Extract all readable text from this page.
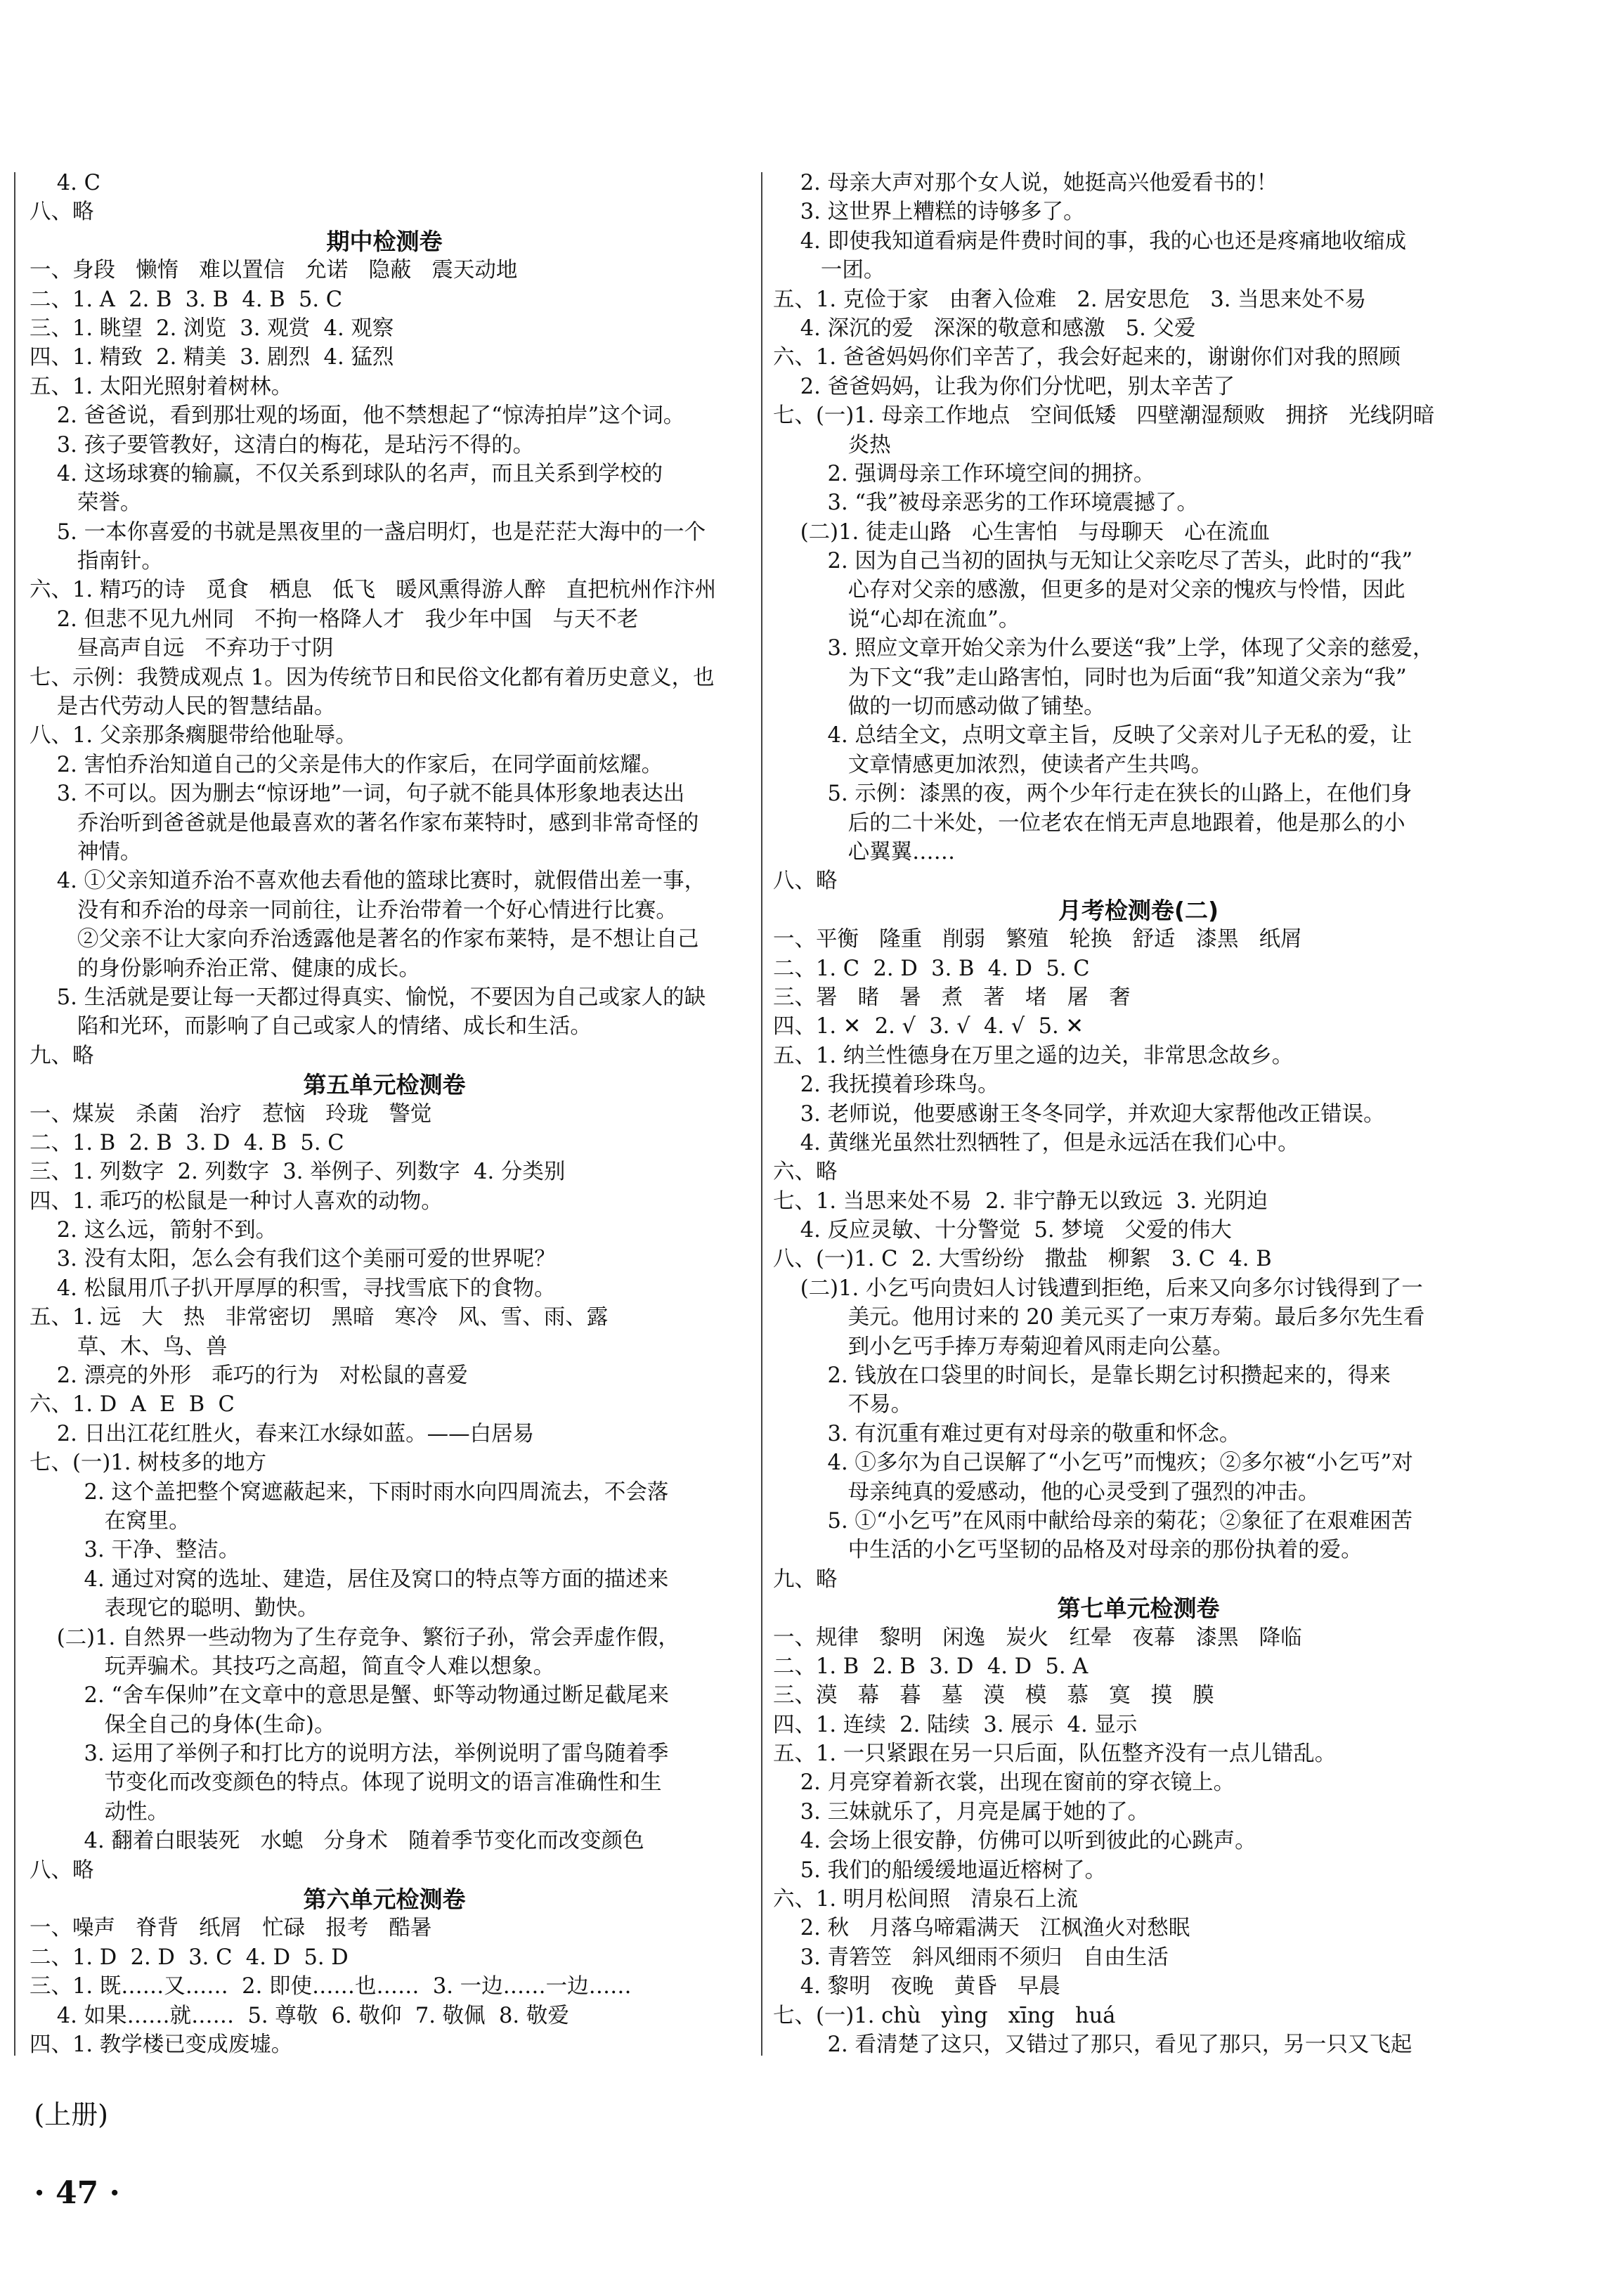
4. C
八、略
期中检测卷
一、身段   懒惰   难以置信   允诺   隐蔽   震天动地
二、1. A  2. B  3. B  4. B  5. C
三、1. 眺望  2. 浏览  3. 观赏  4. 观察
四、1. 精致  2. 精美  3. 剧烈  4. 猛烈
五、1. 太阳光照射着树林。
2. 爸爸说，看到那壮观的场面，他不禁想起了“惊涛拍岸”这个词。
3. 孩子要管教好，这清白的梅花，是玷污不得的。
4. 这场球赛的输赢，不仅关系到球队的名声，而且关系到学校的
荣誉。
5. 一本你喜爱的书就是黑夜里的一盏启明灯，也是茫茫大海中的一个
指南针。
六、1. 精巧的诗   觅食   栖息   低飞   暖风熏得游人醉   直把杭州作汴州
2. 但悲不见九州同   不拘一格降人才   我少年中国   与天不老
昼高声自远   不弃功于寸阴
七、示例：我赞成观点 1。因为传统节日和民俗文化都有着历史意义，也
是古代劳动人民的智慧结晶。
八、1. 父亲那条瘸腿带给他耻辱。
2. 害怕乔治知道自己的父亲是伟大的作家后，在同学面前炫耀。
3. 不可以。因为删去“惊讶地”一词，句子就不能具体形象地表达出
乔治听到爸爸就是他最喜欢的著名作家布莱特时，感到非常奇怪的
神情。
4. ①父亲知道乔治不喜欢他去看他的篮球比赛时，就假借出差一事，
没有和乔治的母亲一同前往，让乔治带着一个好心情进行比赛。
②父亲不让大家向乔治透露他是著名的作家布莱特，是不想让自己
的身份影响乔治正常、健康的成长。
5. 生活就是要让每一天都过得真实、愉悦，不要因为自己或家人的缺
陷和光环，而影响了自己或家人的情绪、成长和生活。
九、略
第五单元检测卷
一、煤炭   杀菌   治疗   惹恼   玲珑   警觉
二、1. B  2. B  3. D  4. B  5. C
三、1. 列数字  2. 列数字  3. 举例子、列数字  4. 分类别
四、1. 乖巧的松鼠是一种讨人喜欢的动物。
2. 这么远，箭射不到。
3. 没有太阳，怎么会有我们这个美丽可爱的世界呢？
4. 松鼠用爪子扒开厚厚的积雪，寻找雪底下的食物。
五、1. 远   大   热   非常密切   黑暗   寒冷   风、雪、雨、露
草、木、鸟、兽
2. 漂亮的外形   乖巧的行为   对松鼠的喜爱
六、1. D  A  E  B  C
2. 日出江花红胜火，春来江水绿如蓝。——白居易
七、(一)1. 树枝多的地方
2. 这个盖把整个窝遮蔽起来，下雨时雨水向四周流去，不会落
在窝里。
3. 干净、整洁。
4. 通过对窝的选址、建造，居住及窝口的特点等方面的描述来
表现它的聪明、勤快。
(二)1. 自然界一些动物为了生存竞争、繁衍子孙，常会弄虚作假，
玩弄骗术。其技巧之高超，简直令人难以想象。
2. “舍车保帅”在文章中的意思是蟹、虾等动物通过断足截尾来
保全自己的身体(生命)。
3. 运用了举例子和打比方的说明方法，举例说明了雷鸟随着季
节变化而改变颜色的特点。体现了说明文的语言准确性和生
动性。
4. 翻着白眼装死   水螅   分身术   随着季节变化而改变颜色
八、略
第六单元检测卷
一、噪声   脊背   纸屑   忙碌   报考   酷暑
二、1. D  2. D  3. C  4. D  5. D
三、1. 既……又……  2. 即使……也……  3. 一边……一边……
4. 如果……就……  5. 尊敬  6. 敬仰  7. 敬佩  8. 敬爱
四、1. 教学楼已变成废墟。
2. 母亲大声对那个女人说，她挺高兴他爱看书的！
3. 这世界上糟糕的诗够多了。
4. 即使我知道看病是件费时间的事，我的心也还是疼痛地收缩成
一团。
五、1. 克俭于家   由奢入俭难   2. 居安思危   3. 当思来处不易
4. 深沉的爱   深深的敬意和感激   5. 父爱
六、1. 爸爸妈妈你们辛苦了，我会好起来的，谢谢你们对我的照顾
2. 爸爸妈妈，让我为你们分忧吧，别太辛苦了
七、(一)1. 母亲工作地点   空间低矮   四壁潮湿颓败   拥挤   光线阴暗
炎热
2. 强调母亲工作环境空间的拥挤。
3. “我”被母亲恶劣的工作环境震撼了。
(二)1. 徒走山路   心生害怕   与母聊天   心在流血
2. 因为自己当初的固执与无知让父亲吃尽了苦头，此时的“我”
心存对父亲的感激，但更多的是对父亲的愧疚与怜惜，因此
说“心却在流血”。
3. 照应文章开始父亲为什么要送“我”上学，体现了父亲的慈爱，
为下文“我”走山路害怕，同时也为后面“我”知道父亲为“我”
做的一切而感动做了铺垫。
4. 总结全文，点明文章主旨，反映了父亲对儿子无私的爱，让
文章情感更加浓烈，使读者产生共鸣。
5. 示例：漆黑的夜，两个少年行走在狭长的山路上，在他们身
后的二十米处，一位老农在悄无声息地跟着，他是那么的小
心翼翼……
八、略
月考检测卷(二)
一、平衡   隆重   削弱   繁殖   轮换   舒适   漆黑   纸屑
二、1. C  2. D  3. B  4. D  5. C
三、署   睹   暑   煮   著   堵   屠   奢
四、1. ✕  2. √  3. √  4. √  5. ✕
五、1. 纳兰性德身在万里之遥的边关，非常思念故乡。
2. 我抚摸着珍珠鸟。
3. 老师说，他要感谢王冬冬同学，并欢迎大家帮他改正错误。
4. 黄继光虽然壮烈牺牲了，但是永远活在我们心中。
六、略
七、1. 当思来处不易  2. 非宁静无以致远  3. 光阴迫
4. 反应灵敏、十分警觉  5. 梦境   父爱的伟大
八、(一)1. C  2. 大雪纷纷   撒盐   柳絮   3. C  4. B
(二)1. 小乞丐向贵妇人讨钱遭到拒绝，后来又向多尔讨钱得到了一
美元。他用讨来的 20 美元买了一束万寿菊。最后多尔先生看
到小乞丐手捧万寿菊迎着风雨走向公墓。
2. 钱放在口袋里的时间长，是靠长期乞讨积攒起来的，得来
不易。
3. 有沉重有难过更有对母亲的敬重和怀念。
4. ①多尔为自己误解了“小乞丐”而愧疚；②多尔被“小乞丐”对
母亲纯真的爱感动，他的心灵受到了强烈的冲击。
5. ①“小乞丐”在风雨中献给母亲的菊花；②象征了在艰难困苦
中生活的小乞丐坚韧的品格及对母亲的那份执着的爱。
九、略
第七单元检测卷
一、规律   黎明   闲逸   炭火   红晕   夜幕   漆黑   降临
二、1. B  2. B  3. D  4. D  5. A
三、漠   幕   暮   墓   漠   模   慕   寞   摸   膜
四、1. 连续  2. 陆续  3. 展示  4. 显示
五、1. 一只紧跟在另一只后面，队伍整齐没有一点儿错乱。
2. 月亮穿着新衣裳，出现在窗前的穿衣镜上。
3. 三妹就乐了，月亮是属于她的了。
4. 会场上很安静，仿佛可以听到彼此的心跳声。
5. 我们的船缓缓地逼近榕树了。
六、1. 明月松间照   清泉石上流
2. 秋   月落乌啼霜满天   江枫渔火对愁眠
3. 青箬笠   斜风细雨不须归   自由生活
4. 黎明   夜晚   黄昏   早晨
七、(一)1. chù   yìng   xīng   huá
2. 看清楚了这只，又错过了那只，看见了那只，另一只又飞起

(上册)

· 47 ·
